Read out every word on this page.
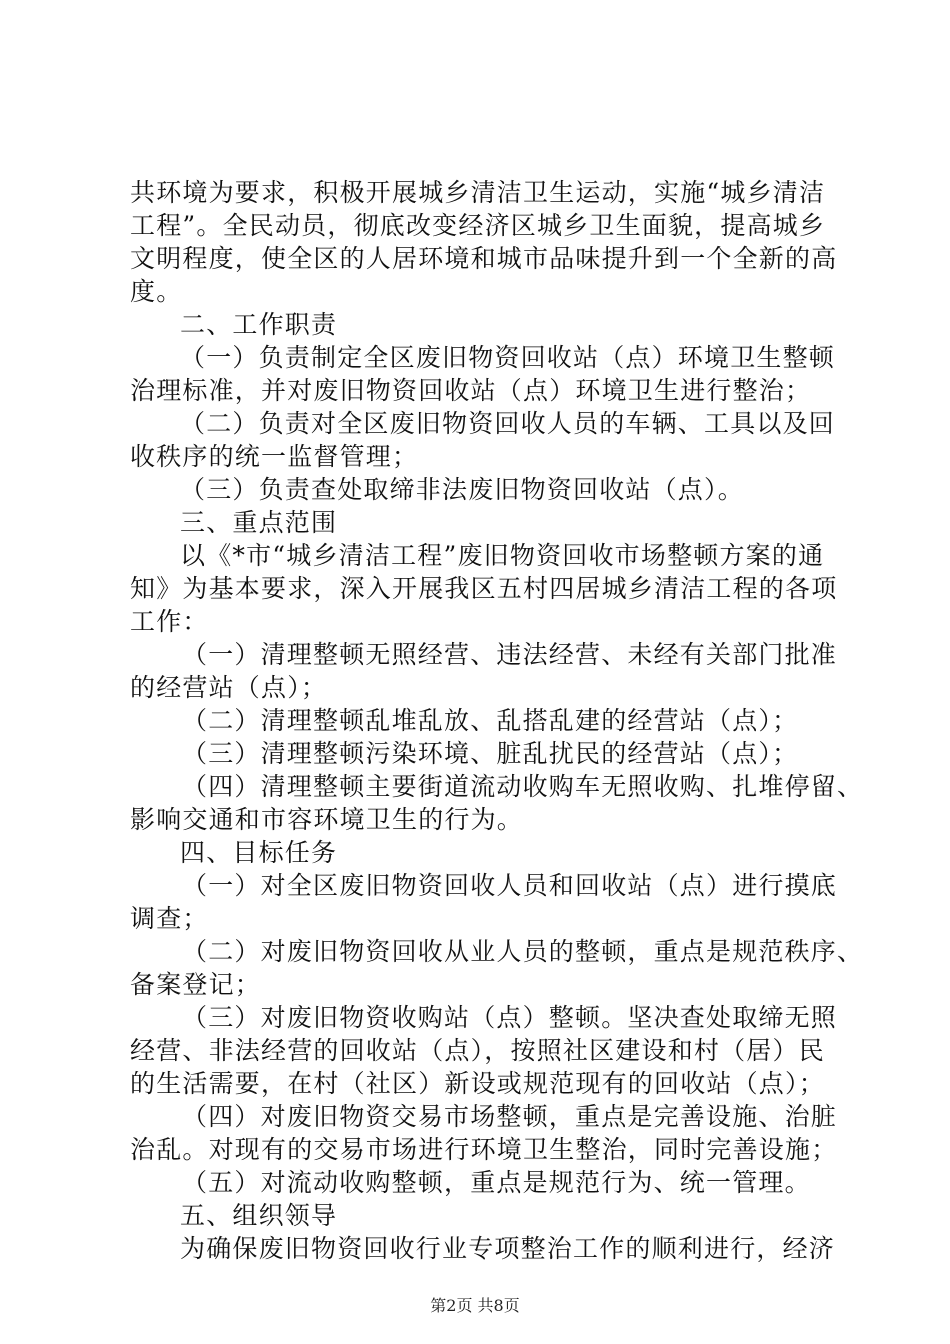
共环境为要求，积极开展城乡清洁卫生运动，实施“城乡清洁
工程”。全民动员，彻底改变经济区城乡卫生面貌，提高城乡
文明程度，使全区的人居环境和城市品味提升到一个全新的高
度。
二、工作职责
（一）负责制定全区废旧物资回收站（点）环境卫生整顿
治理标准，并对废旧物资回收站（点）环境卫生进行整治；
（二）负责对全区废旧物资回收人员的车辆、工具以及回
收秩序的统一监督管理；
（三）负责查处取缔非法废旧物资回收站（点）。
三、重点范围
以《*市“城乡清洁工程”废旧物资回收市场整顿方案的通
知》为基本要求，深入开展我区五村四居城乡清洁工程的各项
工作：
（一）清理整顿无照经营、违法经营、未经有关部门批准
的经营站（点）；
（二）清理整顿乱堆乱放、乱搭乱建的经营站（点）；
（三）清理整顿污染环境、脏乱扰民的经营站（点）；
（四）清理整顿主要街道流动收购车无照收购、扎堆停留、
影响交通和市容环境卫生的行为。
四、目标任务
（一）对全区废旧物资回收人员和回收站（点）进行摸底
调查；
（二）对废旧物资回收从业人员的整顿，重点是规范秩序、
备案登记；
（三）对废旧物资收购站（点）整顿。坚决查处取缔无照
经营、非法经营的回收站（点），按照社区建设和村（居）民
的生活需要，在村（社区）新设或规范现有的回收站（点）；
（四）对废旧物资交易市场整顿，重点是完善设施、治脏
治乱。对现有的交易市场进行环境卫生整治，同时完善设施；
（五）对流动收购整顿，重点是规范行为、统一管理。
五、组织领导
为确保废旧物资回收行业专项整治工作的顺利进行，经济
第2页 共8页
